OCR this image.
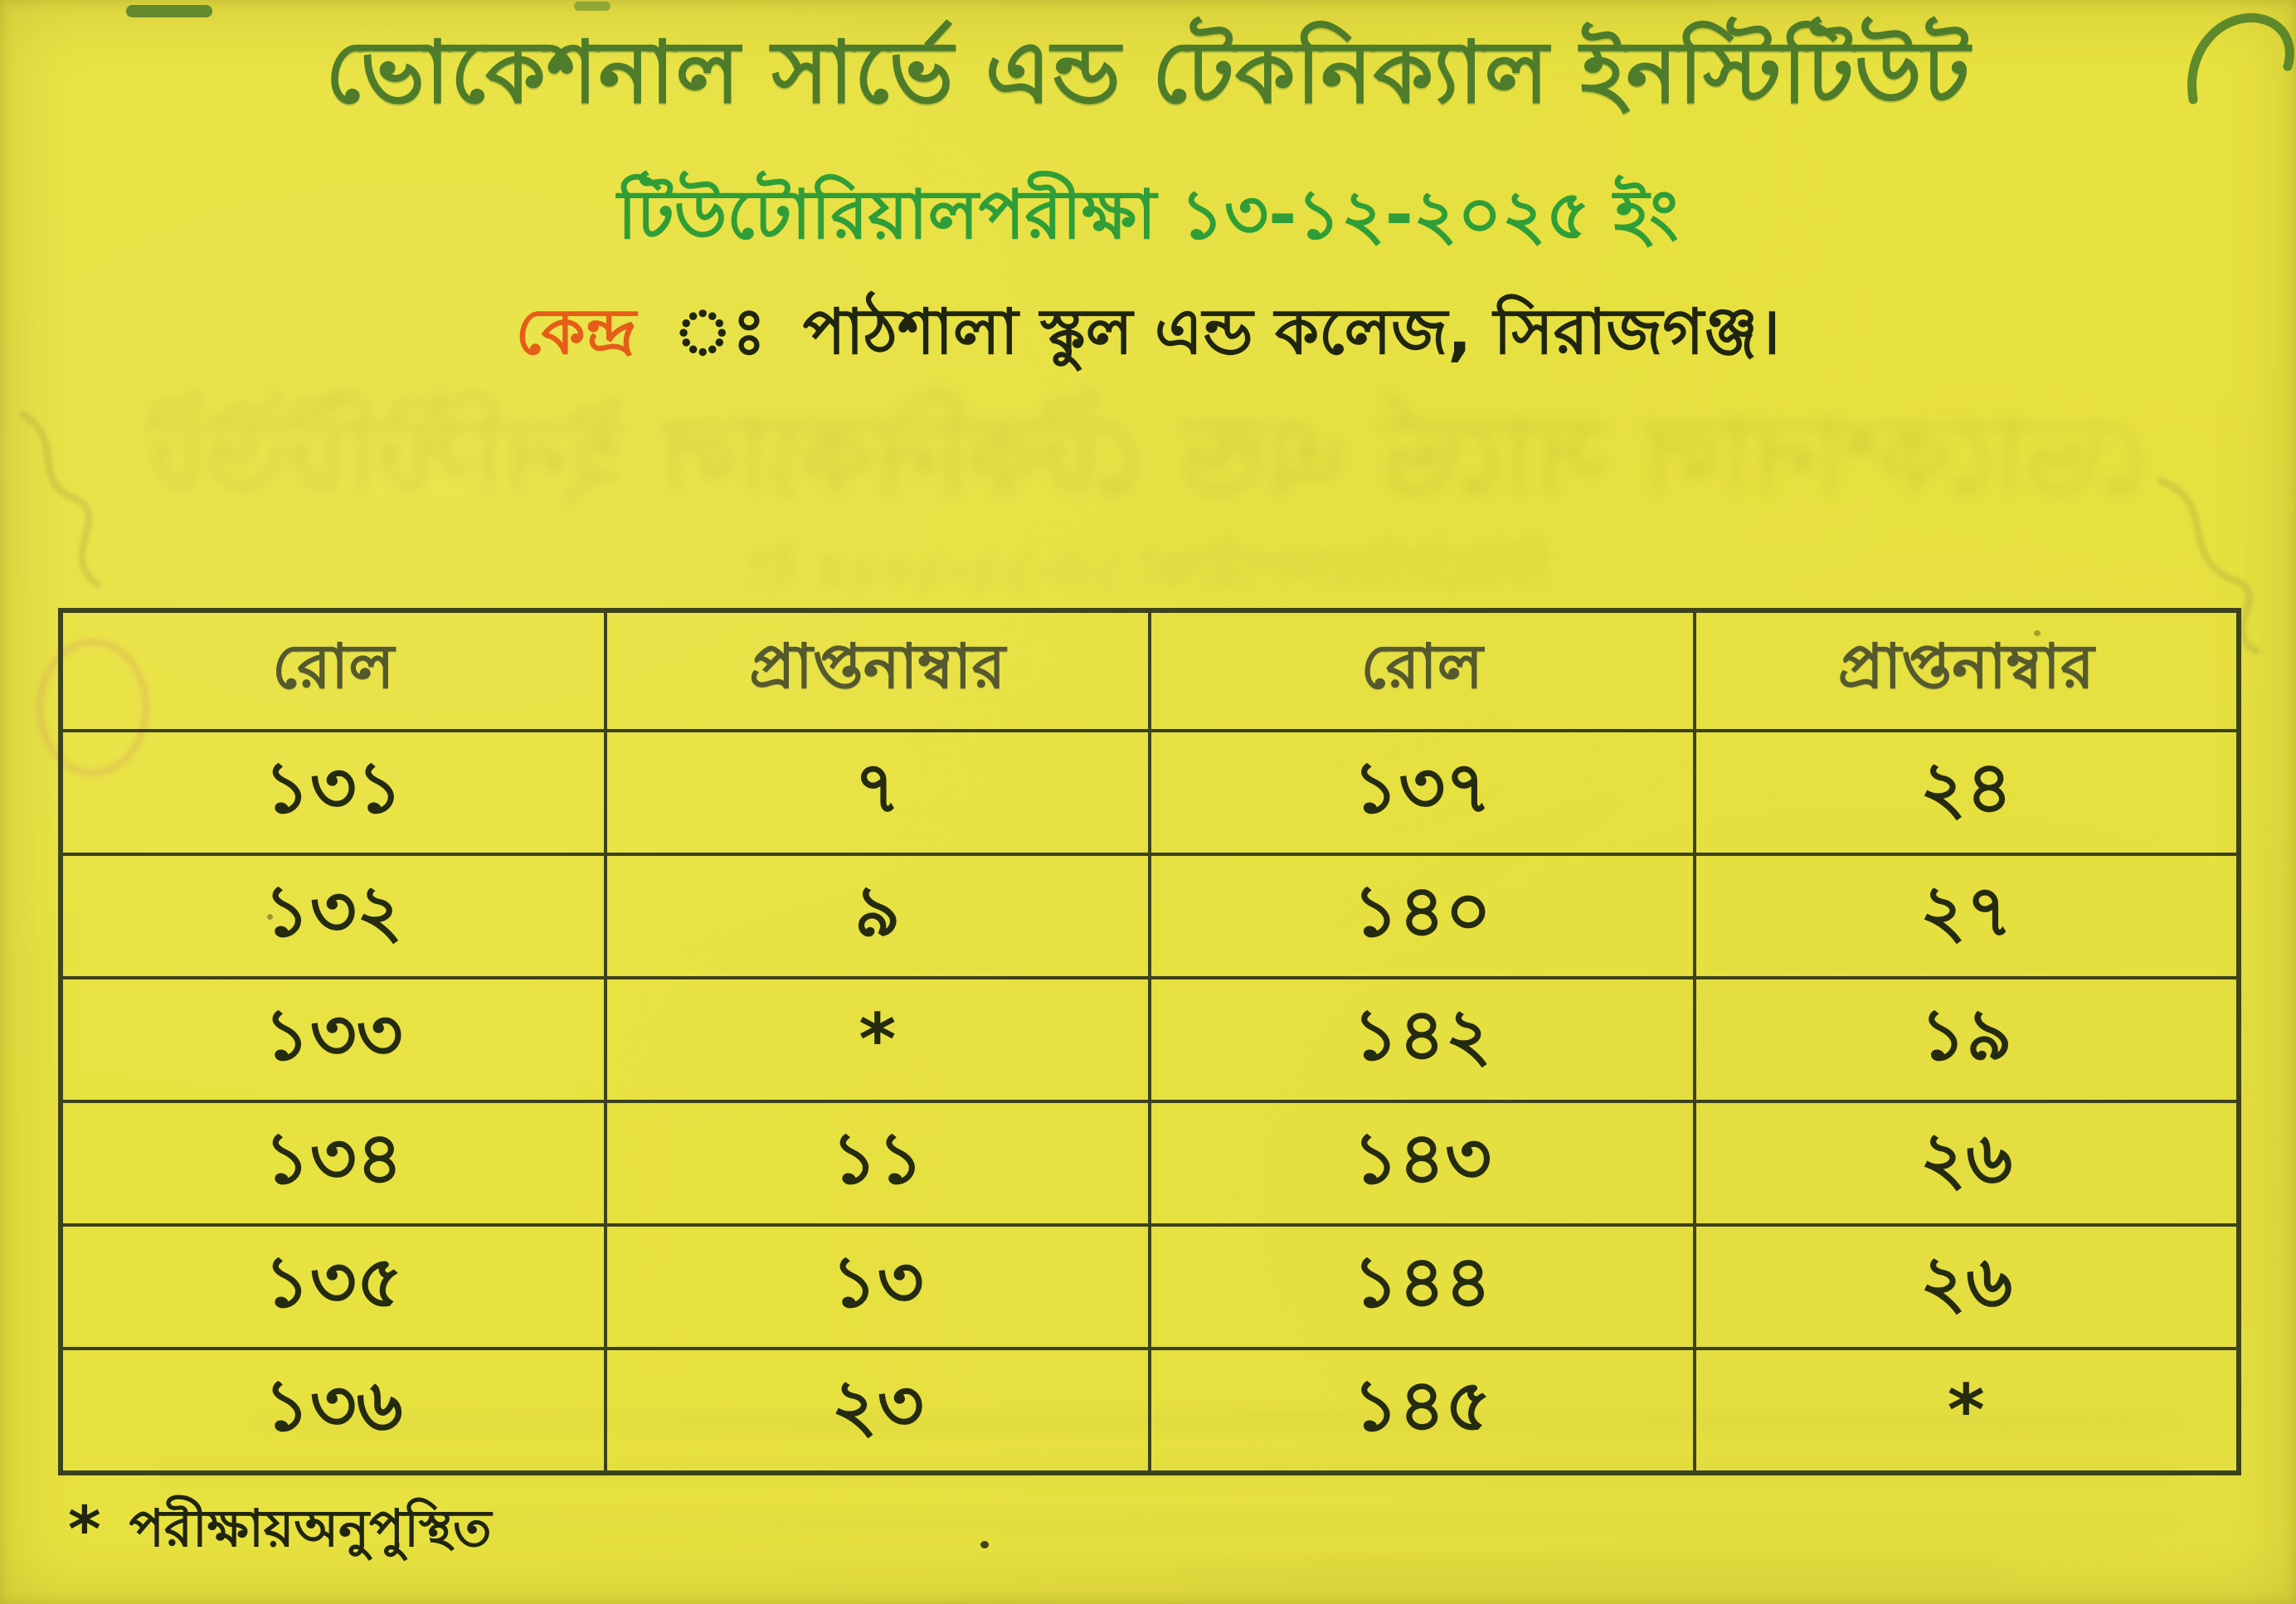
ভোকেশনাল সার্ভে এন্ড টেকনিক্যাল ইনস্টিটিউট
টিউটোরিয়ালপরীক্ষা ১৩-১২-২০২৫ ইং
কেন্দ্র ঃ পাঠশালা স্কুল এন্ড কলেজ, সিরাজগঞ্জ।
ভোকেশনাল সার্ভে এন্ড টেকনিক্যাল ইনস্টিটিউট
টিউটোরিয়ালপরীক্ষা ১৩-১২-২০২৫ ইং
রোল	প্রাপ্তনাম্বার	রোল	প্রাপ্তনাম্বার
১৩১	৭	১৩৭	২৪
১৩২	৯	১৪০	২৭
১৩৩	*	১৪২	১৯
১৩৪	১১	১৪৩	২৬
১৩৫	১৩	১৪৪	২৬
১৩৬	২৩	১৪৫	*
* পরীক্ষায়অনুপুস্থিত
